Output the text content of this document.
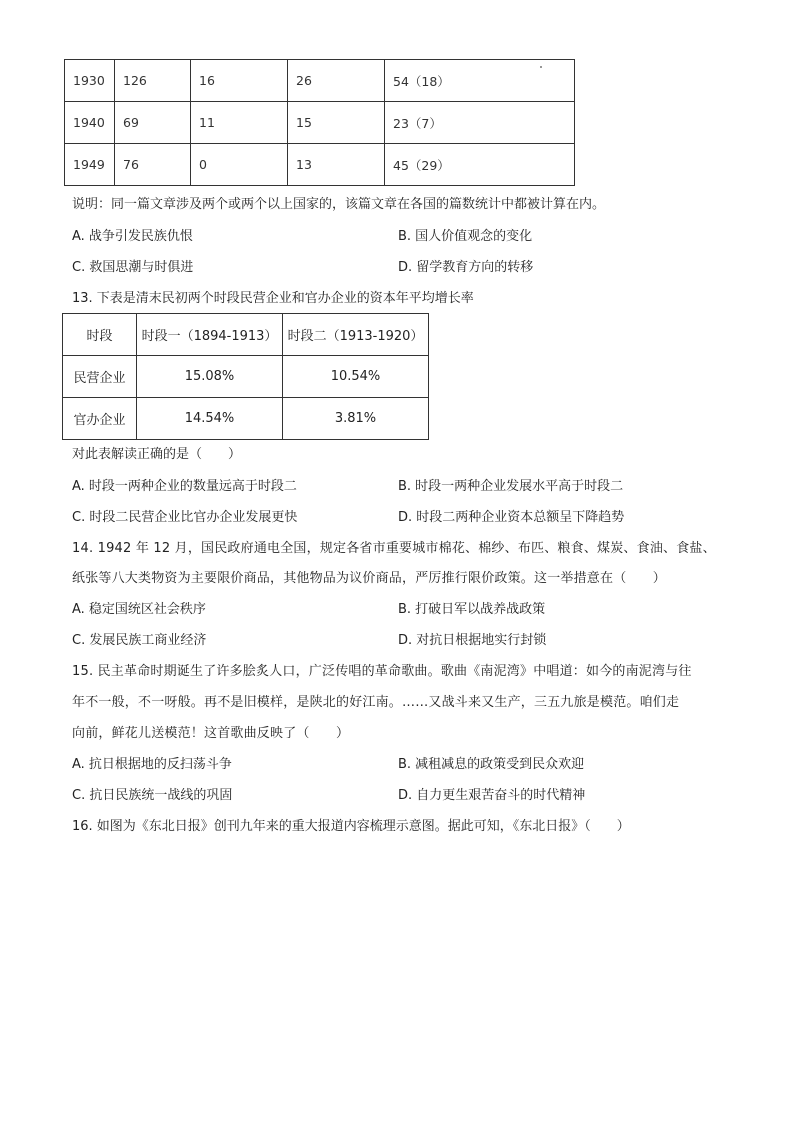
1930	126	16	26	54（18）
1940	69	11	15	23（7）
1949	76	0	13	45（29）
说明：同一篇文章涉及两个或两个以上国家的，该篇文章在各国的篇数统计中都被计算在内。
A. 战争引发民族仇恨	B. 国人价值观念的变化
C. 救国思潮与时俱进	D. 留学教育方向的转移
13. 下表是清末民初两个时段民营企业和官办企业的资本年平均增长率
时段	时段一（1894-1913）	时段二（1913-1920）
民营企业	15.08%	10.54%
官办企业	14.54%	3.81%
对此表解读正确的是（　　）
A. 时段一两种企业的数量远高于时段二	B. 时段一两种企业发展水平高于时段二
C. 时段二民营企业比官办企业发展更快	D. 时段二两种企业资本总额呈下降趋势
14. 1942 年 12 月，国民政府通电全国，规定各省市重要城市棉花、棉纱、布匹、粮食、煤炭、食油、食盐、
纸张等八大类物资为主要限价商品，其他物品为议价商品，严厉推行限价政策。这一举措意在（　　）
A. 稳定国统区社会秩序	B. 打破日军以战养战政策
C. 发展民族工商业经济	D. 对抗日根据地实行封锁
15. 民主革命时期诞生了许多脍炙人口，广泛传唱的革命歌曲。歌曲《南泥湾》中唱道：如今的南泥湾与往
年不一般，不一呀般。再不是旧模样，是陕北的好江南。……又战斗来又生产，三五九旅是模范。咱们走
向前，鲜花儿送模范！这首歌曲反映了（　　）
A. 抗日根据地的反扫荡斗争	B. 减租减息的政策受到民众欢迎
C. 抗日民族统一战线的巩固	D. 自力更生艰苦奋斗的时代精神
16. 如图为《东北日报》创刊九年来的重大报道内容梳理示意图。据此可知，《东北日报》（　　）
